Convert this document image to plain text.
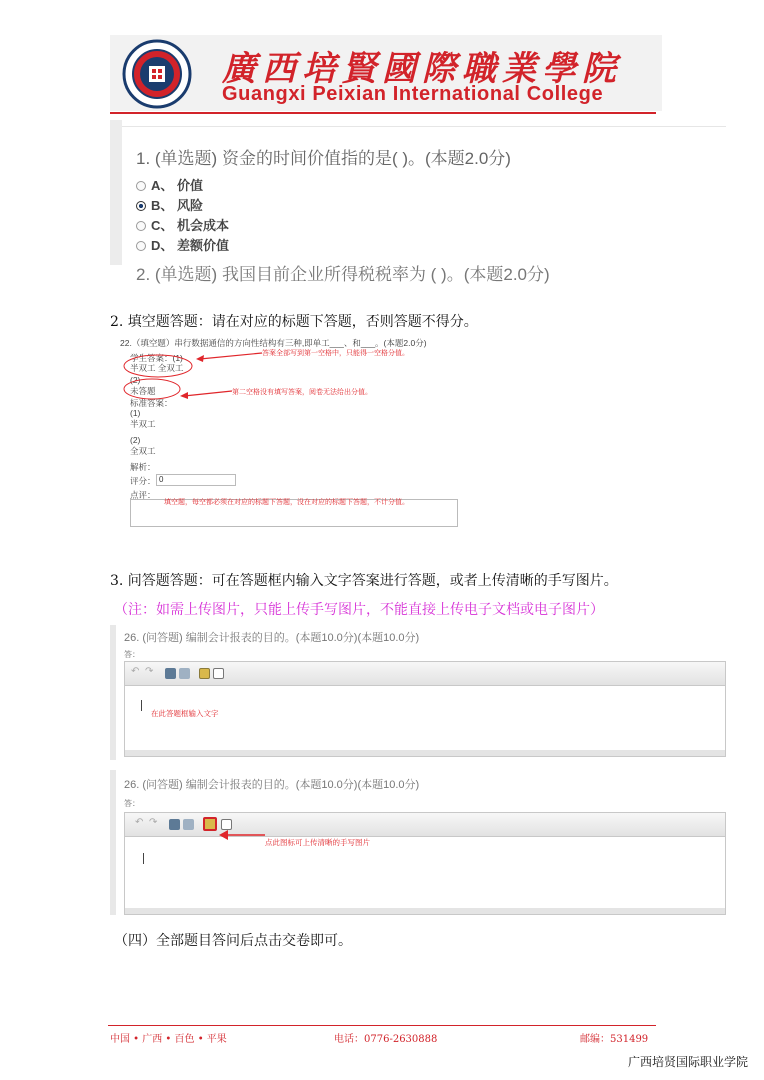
廣西培賢國際職業學院
Guangxi Peixian International College
1. (单选题) 资金的时间价值指的是( )。(本题2.0分)
A、 价值
B、 风险
C、 机会成本
D、 差额价值
2. (单选题) 我国目前企业所得税税率为 ( )。(本题2.0分)
2. 填空题答题：请在对应的标题下答题，否则答题不得分。
22.（填空题）串行数据通信的方向性结构有三种,即单工___、和___。(本题2.0分)
学生答案：(1)
半双工 全双工
(2)
未答题
标准答案：
(1)
半双工
(2)
全双工
解析：
评分： 0
点评：
答案全部写到第一空格中，只能得一空格分值。
第二空格没有填写答案，阅卷无法给出分值。
填空题，每空都必须在对应的标题下答题，没在对应的标题下答题，不计分值。
3. 问答题答题：可在答题框内输入文字答案进行答题，或者上传清晰的手写图片。
（注：如需上传图片，只能上传手写图片，不能直接上传电子文档或电子图片）
26. (问答题) 编制会计报表的目的。(本题10.0分)(本题10.0分)
答：
↶ ↷
在此答题框输入文字
26. (问答题) 编制会计报表的目的。(本题10.0分)(本题10.0分)
答：
↶ ↷
点此图标可上传清晰的手写图片
（四）全部题目答问后点击交卷即可。
中国 • 广西 • 百色 • 平果	电话：0776-2630888	邮编：531499
广西培贤国际职业学院
